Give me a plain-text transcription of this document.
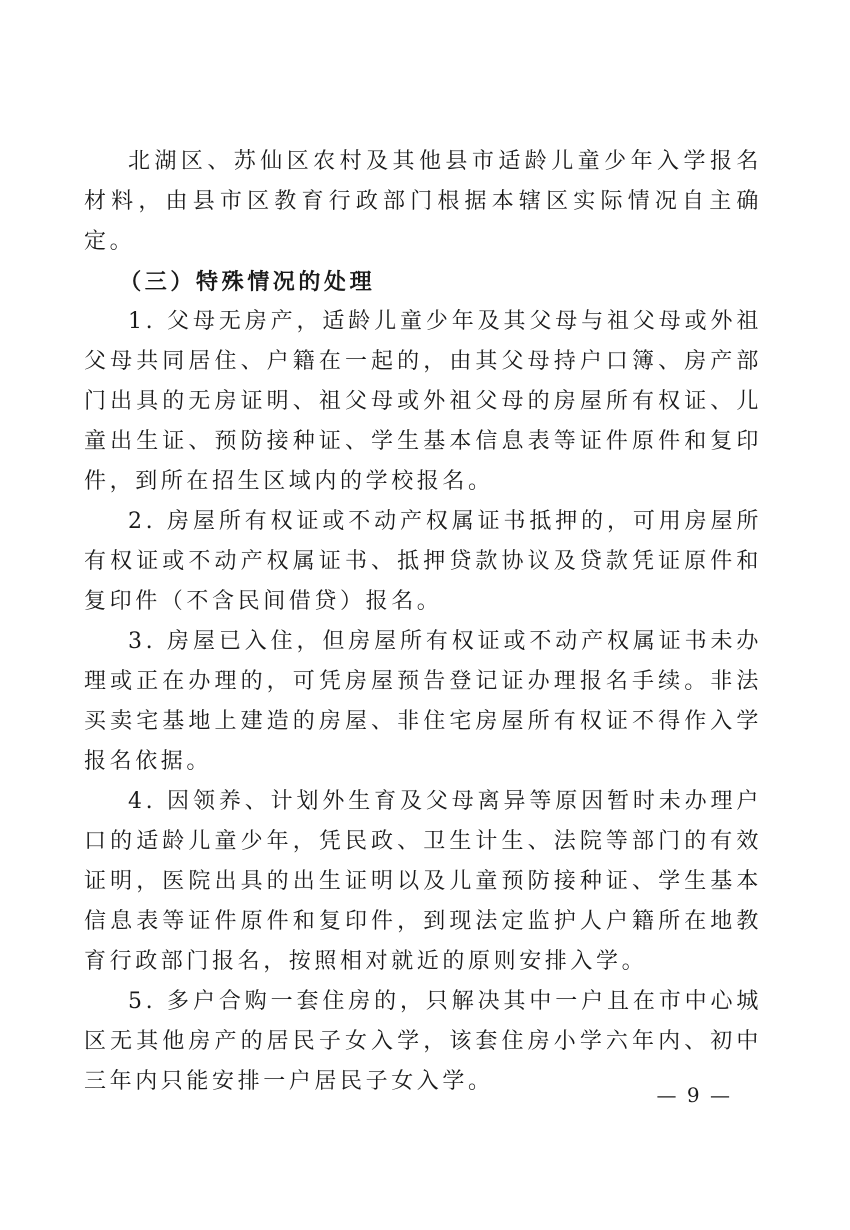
北湖区、苏仙区农村及其他县市适龄儿童少年入学报名材料，由县市区教育行政部门根据本辖区实际情况自主确定。

（三）特殊情况的处理

1. 父母无房产，适龄儿童少年及其父母与祖父母或外祖父母共同居住、户籍在一起的，由其父母持户口簿、房产部门出具的无房证明、祖父母或外祖父母的房屋所有权证、儿童出生证、预防接种证、学生基本信息表等证件原件和复印件，到所在招生区域内的学校报名。

2. 房屋所有权证或不动产权属证书抵押的，可用房屋所有权证或不动产权属证书、抵押贷款协议及贷款凭证原件和复印件（不含民间借贷）报名。

3. 房屋已入住，但房屋所有权证或不动产权属证书未办理或正在办理的，可凭房屋预告登记证办理报名手续。非法买卖宅基地上建造的房屋、非住宅房屋所有权证不得作入学报名依据。

4. 因领养、计划外生育及父母离异等原因暂时未办理户口的适龄儿童少年，凭民政、卫生计生、法院等部门的有效证明，医院出具的出生证明以及儿童预防接种证、学生基本信息表等证件原件和复印件，到现法定监护人户籍所在地教育行政部门报名，按照相对就近的原则安排入学。

5. 多户合购一套住房的，只解决其中一户且在市中心城区无其他房产的居民子女入学，该套住房小学六年内、初中三年内只能安排一户居民子女入学。

— 9 —
